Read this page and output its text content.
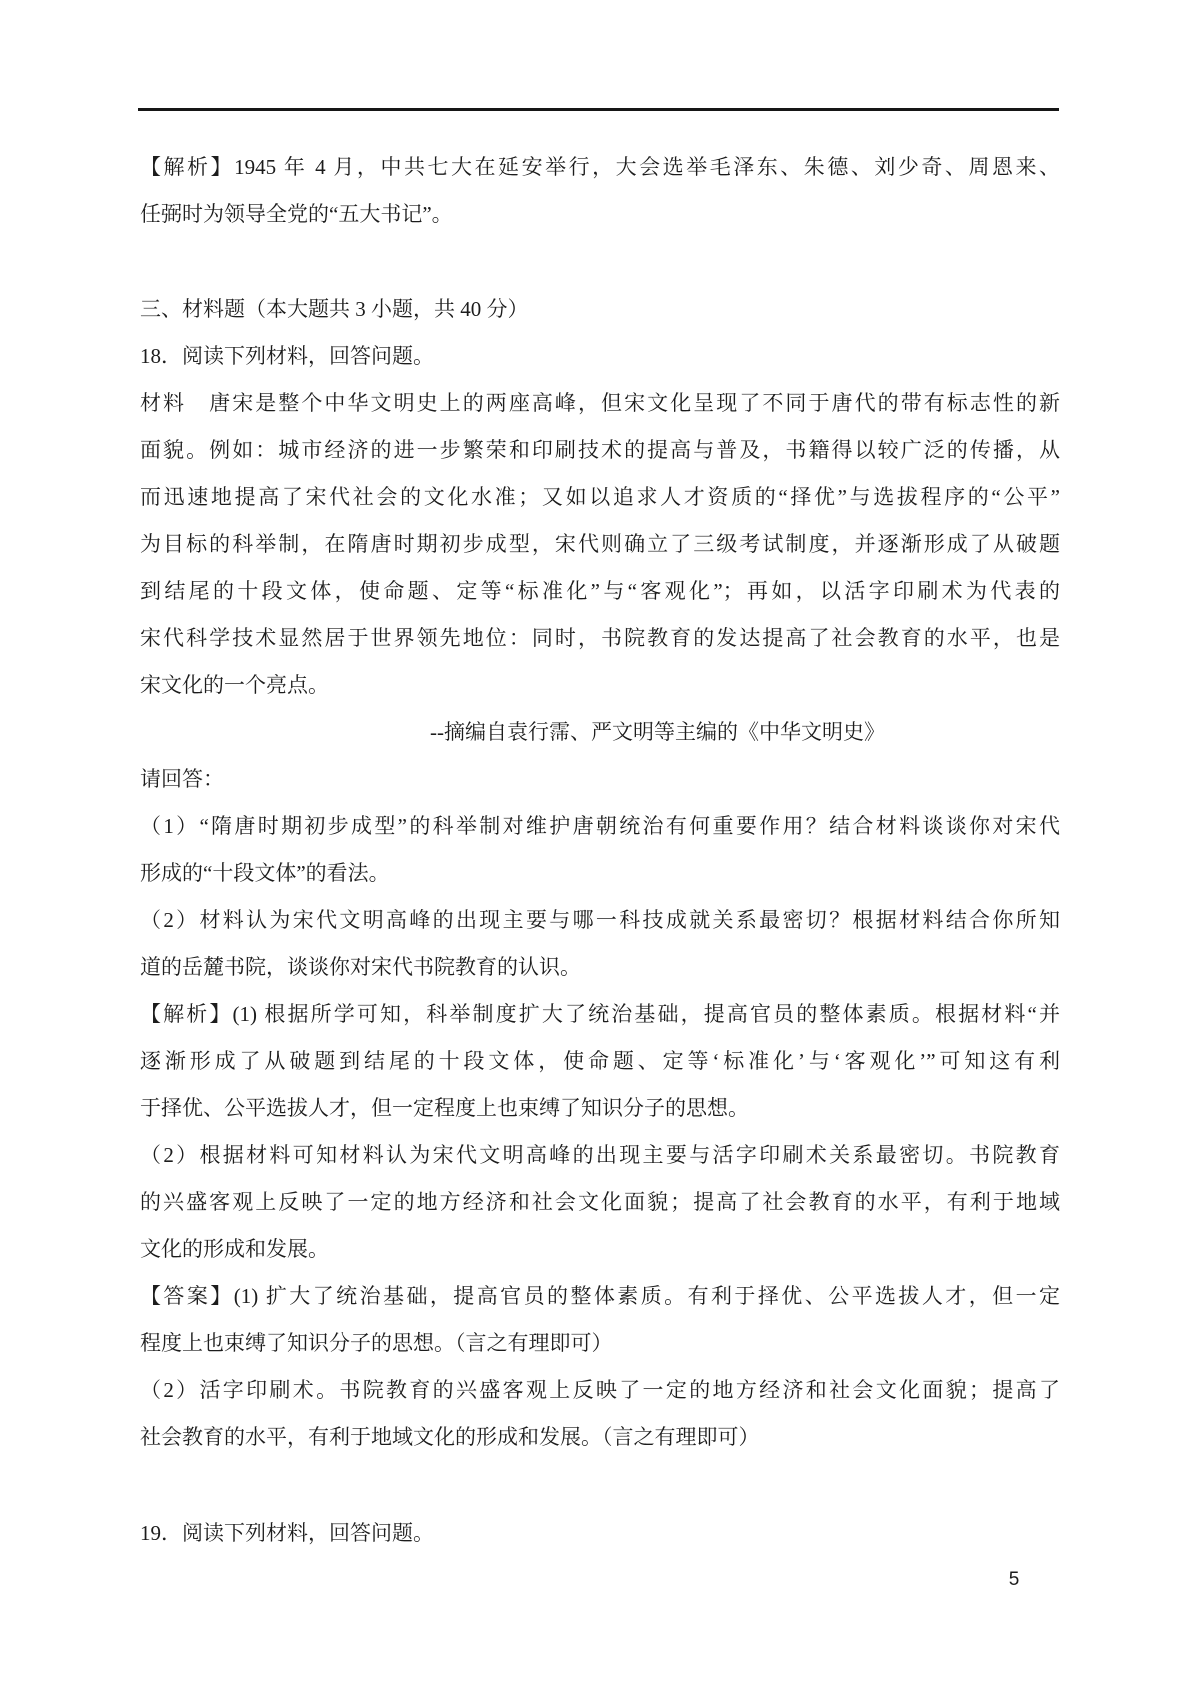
【解析】1945 年 4 月，中共七大在延安举行，大会选举毛泽东、朱德、刘少奇、周恩来、
任弼时为领导全党的“五大书记”。
三、材料题（本大题共 3 小题，共 40 分）
18．阅读下列材料，回答问题。
材料　唐宋是整个中华文明史上的两座高峰，但宋文化呈现了不同于唐代的带有标志性的新
面貌。例如：城市经济的进一步繁荣和印刷技术的提高与普及，书籍得以较广泛的传播，从
而迅速地提高了宋代社会的文化水准；又如以追求人才资质的“择优”与选拔程序的“公平”
为目标的科举制，在隋唐时期初步成型，宋代则确立了三级考试制度，并逐渐形成了从破题
到结尾的十段文体，使命题、定等“标准化”与“客观化”；再如，以活字印刷术为代表的
宋代科学技术显然居于世界领先地位：同时，书院教育的发达提高了社会教育的水平，也是
宋文化的一个亮点。
--摘编自袁行霈、严文明等主编的《中华文明史》
请回答：
（1）“隋唐时期初步成型”的科举制对维护唐朝统治有何重要作用？结合材料谈谈你对宋代
形成的“十段文体”的看法。
（2）材料认为宋代文明高峰的出现主要与哪一科技成就关系最密切？根据材料结合你所知
道的岳麓书院，谈谈你对宋代书院教育的认识。
【解析】(1) 根据所学可知，科举制度扩大了统治基础，提高官员的整体素质。根据材料“并
逐渐形成了从破题到结尾的十段文体，使命题、定等‘标准化’与‘客观化’”可知这有利
于择优、公平选拔人才，但一定程度上也束缚了知识分子的思想。
（2）根据材料可知材料认为宋代文明高峰的出现主要与活字印刷术关系最密切。书院教育
的兴盛客观上反映了一定的地方经济和社会文化面貌；提高了社会教育的水平，有利于地域
文化的形成和发展。
【答案】(1) 扩大了统治基础，提高官员的整体素质。有利于择优、公平选拔人才，但一定
程度上也束缚了知识分子的思想。（言之有理即可）
（2）活字印刷术。书院教育的兴盛客观上反映了一定的地方经济和社会文化面貌；提高了
社会教育的水平，有利于地域文化的形成和发展。（言之有理即可）
19．阅读下列材料，回答问题。
5
